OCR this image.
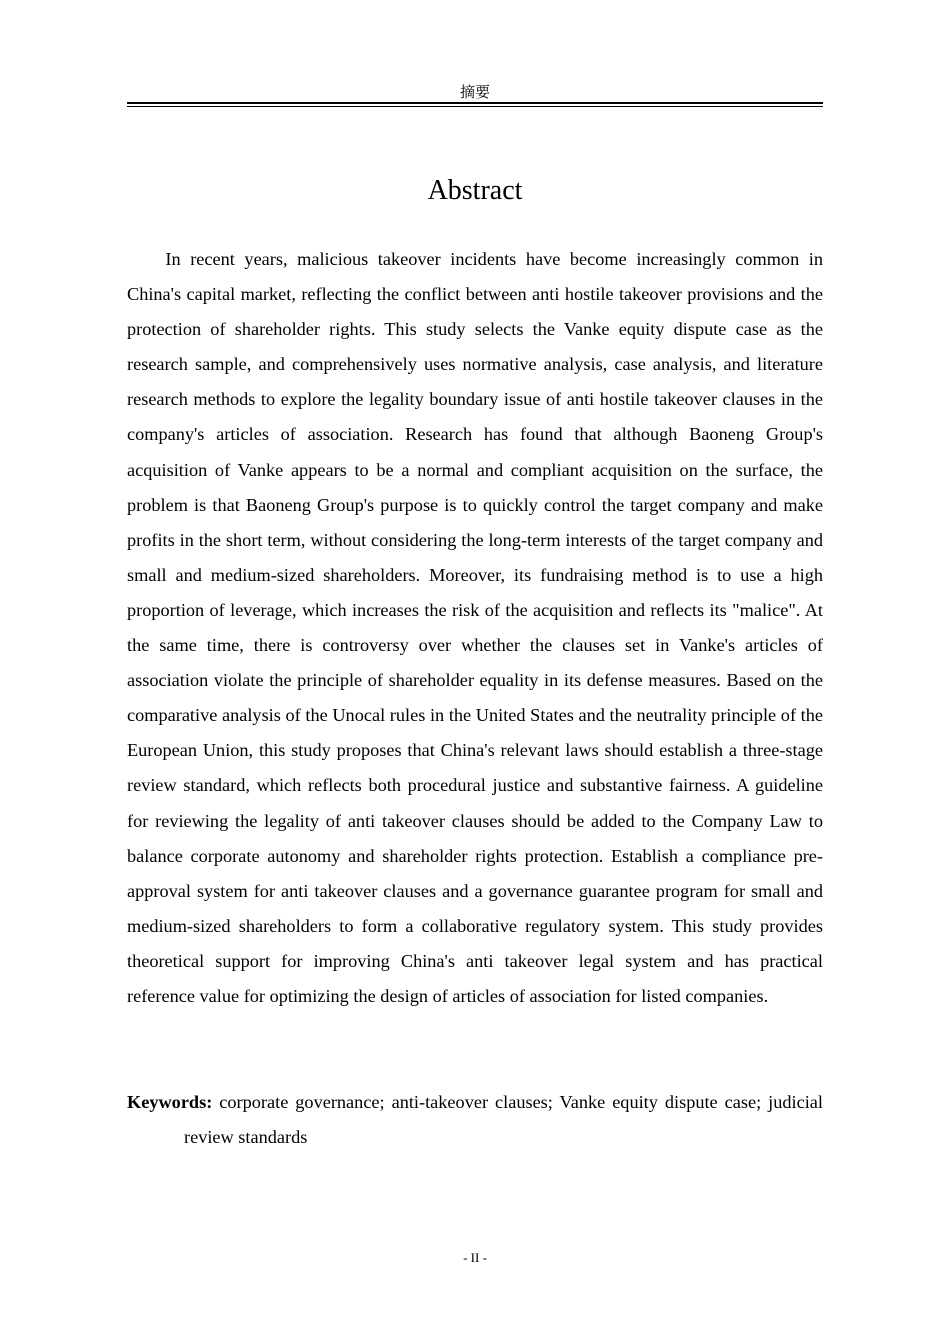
摘要
Abstract

In recent years, malicious takeover incidents have become increasingly common in China's capital market, reflecting the conflict between anti hostile takeover provisions and the protection of shareholder rights. This study selects the Vanke equity dispute case as the research sample, and comprehensively uses normative analysis, case analysis, and literature research methods to explore the legality boundary issue of anti hostile takeover clauses in the company's articles of association. Research has found that although Baoneng Group's acquisition of Vanke appears to be a normal and compliant acquisition on the surface, the problem is that Baoneng Group's purpose is to quickly control the target company and make profits in the short term, without considering the long-term interests of the target company and small and medium-sized shareholders. Moreover, its fundraising method is to use a high proportion of leverage, which increases the risk of the acquisition and reflects its "malice". At the same time, there is controversy over whether the clauses set in Vanke's articles of association violate the principle of shareholder equality in its defense measures. Based on the comparative analysis of the Unocal rules in the United States and the neutrality principle of the European Union, this study proposes that China's relevant laws should establish a three-stage review standard, which reflects both procedural justice and substantive fairness. A guideline for reviewing the legality of anti takeover clauses should be added to the Company Law to balance corporate autonomy and shareholder rights protection. Establish a compliance pre-approval system for anti takeover clauses and a governance guarantee program for small and medium-sized shareholders to form a collaborative regulatory system. This study provides theoretical support for improving China's anti takeover legal system and has practical reference value for optimizing the design of articles of association for listed companies.

Keywords: corporate governance; anti-takeover clauses; Vanke equity dispute case; judicial review standards

- II -
